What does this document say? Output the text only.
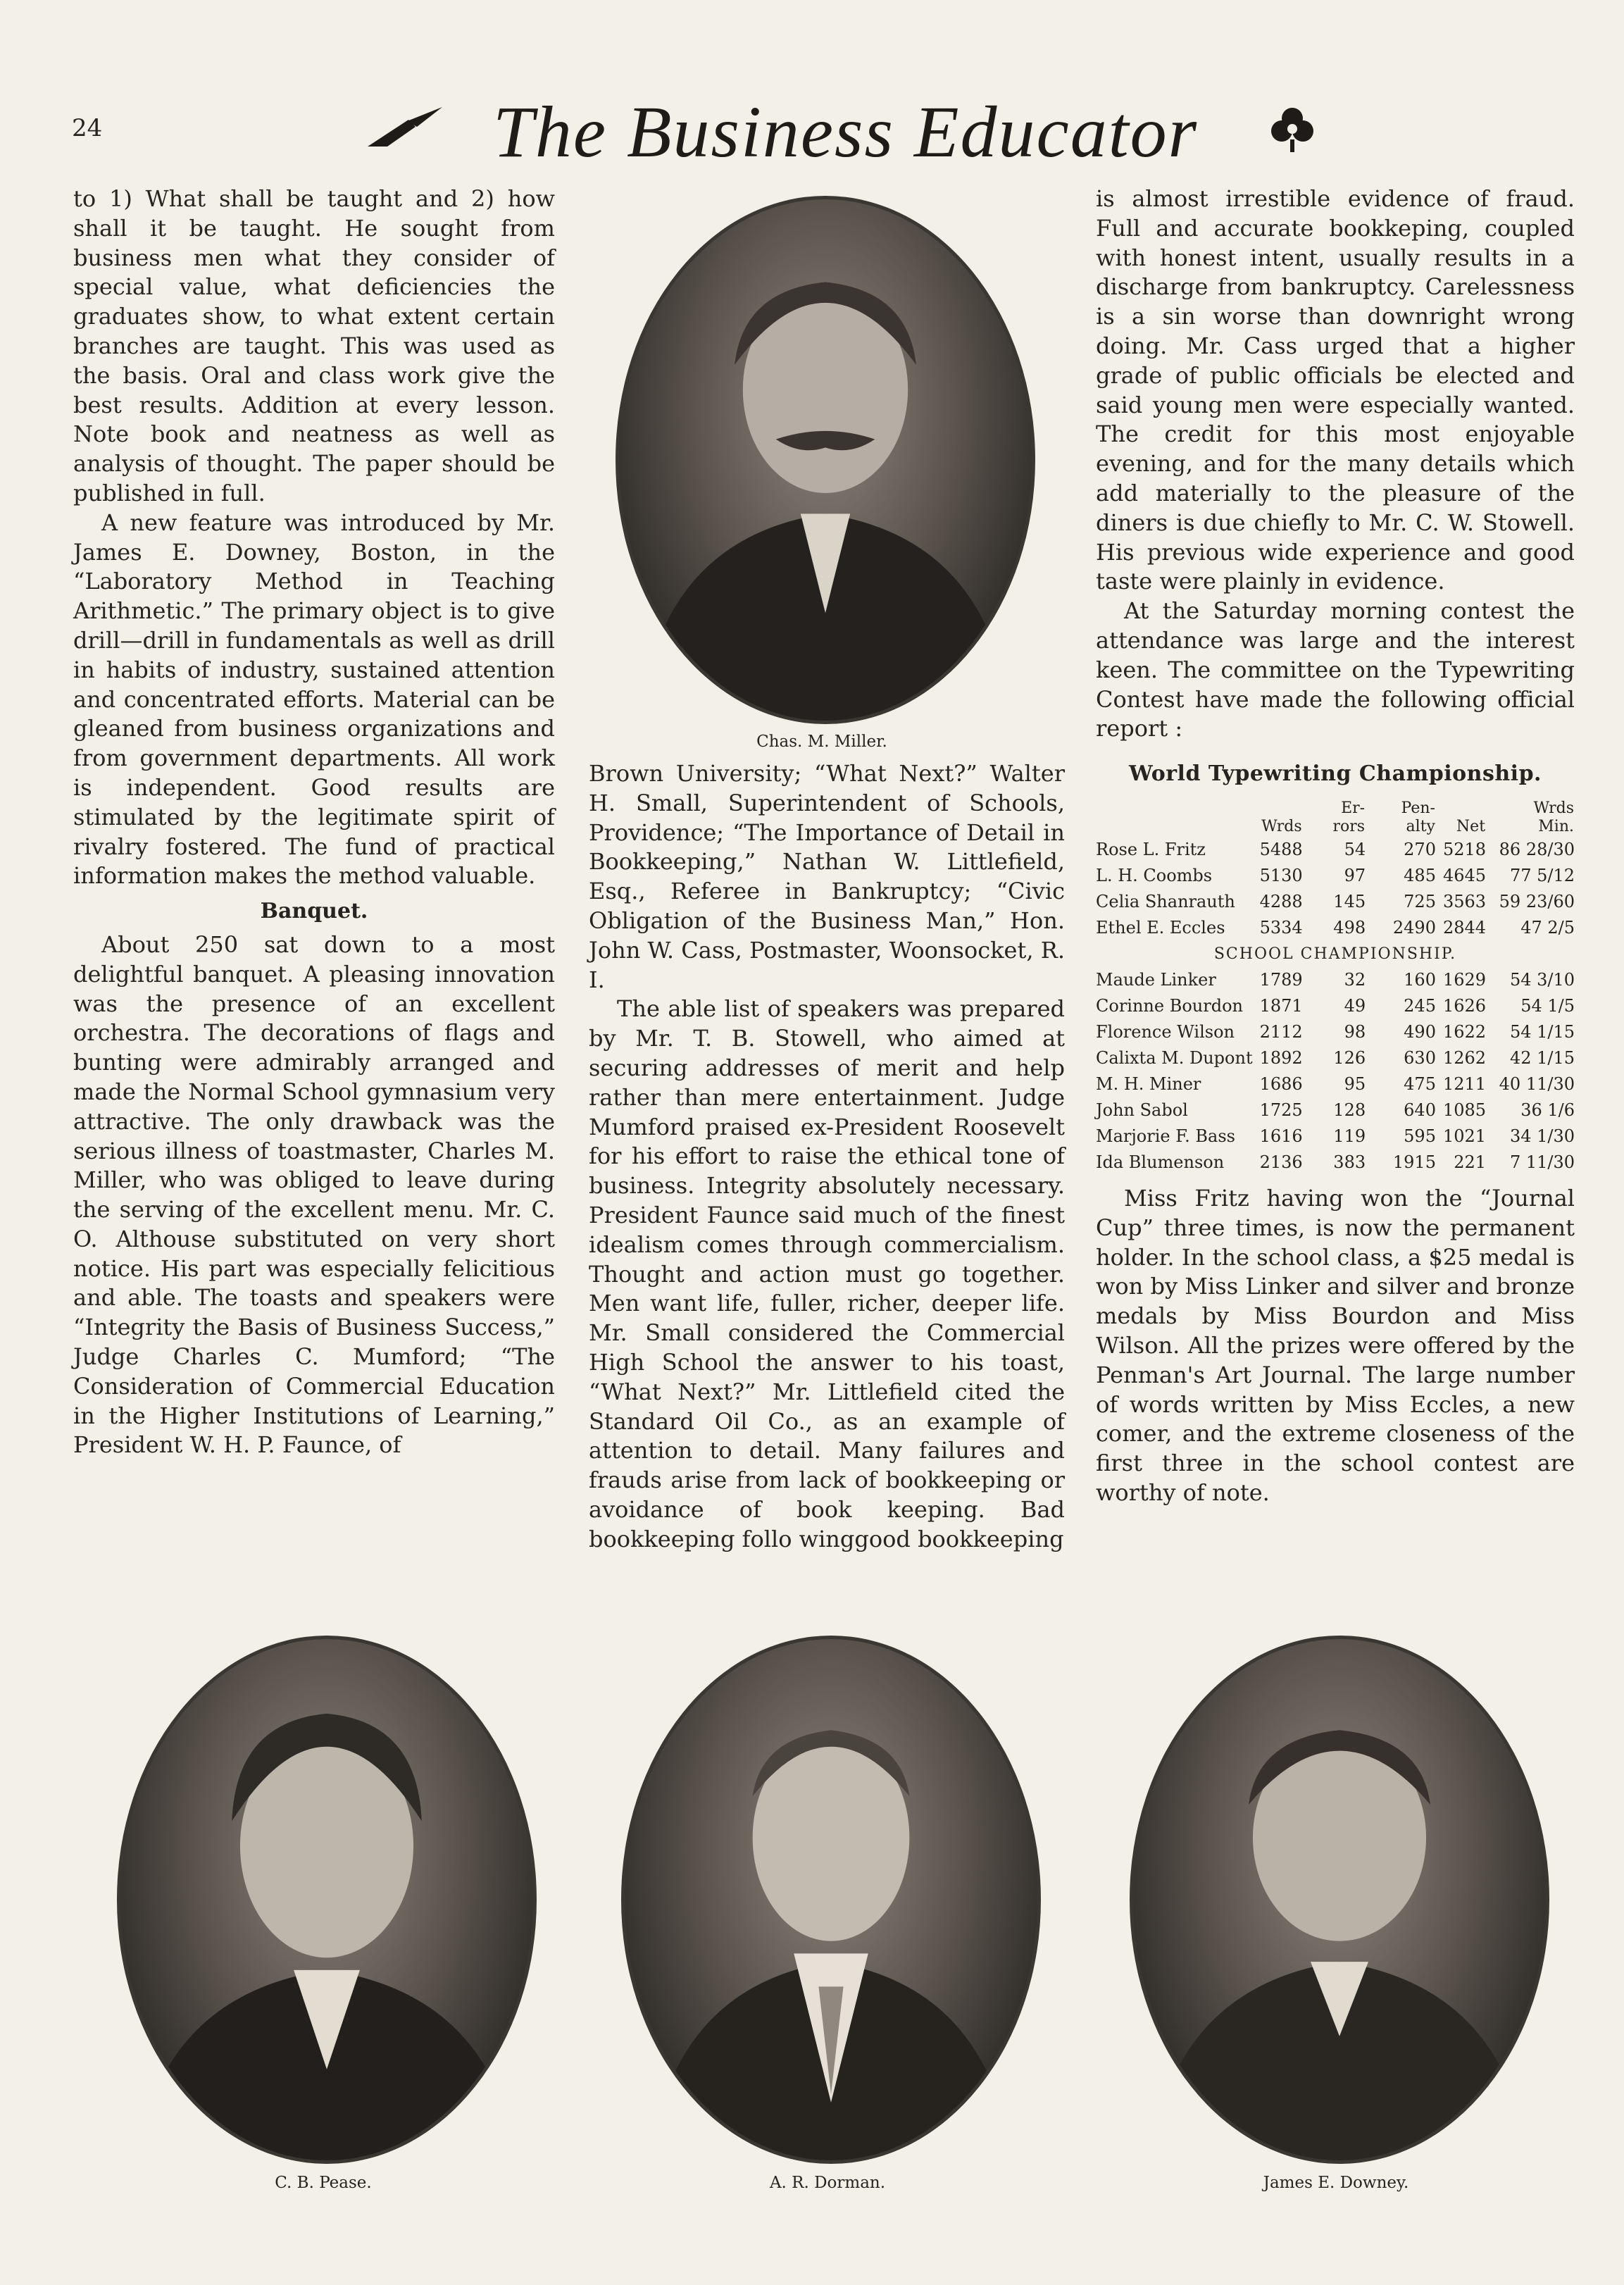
24	The Business Educator

to 1) What shall be taught and 2) how shall it be taught. He sought from business men what they consider of special value, what deficiencies the graduates show, to what extent certain branches are taught. This was used as the basis. Oral and class work give the best results. Addition at every lesson. Note book and neatness as well as analysis of thought. The paper should be published in full.

A new feature was introduced by Mr. James E. Downey, Boston, in the “Laboratory Method in Teaching Arithmetic.” The primary object is to give drill—drill in fundamentals as well as drill in habits of industry, sustained attention and concentrated efforts. Material can be gleaned from business organizations and from government departments. All work is independent. Good results are stimulated by the legitimate spirit of rivalry fostered. The fund of practical information makes the method valuable.

Banquet.

About 250 sat down to a most delightful banquet. A pleasing innovation was the presence of an excellent orchestra. The decorations of flags and bunting were admirably arranged and made the Normal School gymnasium very attractive. The only drawback was the serious illness of toastmaster, Charles M. Miller, who was obliged to leave during the serving of the excellent menu. Mr. C. O. Althouse substituted on very short notice. His part was especially felicitious and able. The toasts and speakers were “Integrity the Basis of Business Success,” Judge Charles C. Mumford; “The Consideration of Commercial Education in the Higher Institutions of Learning,” President W. H. P. Faunce, of

Chas. M. Miller.

Brown University; “What Next?” Walter H. Small, Superintendent of Schools, Providence; “The Importance of Detail in Bookkeeping,” Nathan W. Littlefield, Esq., Referee in Bankruptcy; “Civic Obligation of the Business Man,” Hon. John W. Cass, Postmaster, Woonsocket, R. I.

The able list of speakers was prepared by Mr. T. B. Stowell, who aimed at securing addresses of merit and help rather than mere entertainment. Judge Mumford praised ex-President Roosevelt for his effort to raise the ethical tone of business. Integrity absolutely necessary. President Faunce said much of the finest idealism comes through commercialism. Thought and action must go together. Men want life, fuller, richer, deeper life. Mr. Small considered the Commercial High School the answer to his toast, “What Next?” Mr. Littlefield cited the Standard Oil Co., as an example of attention to detail. Many failures and frauds arise from lack of bookkeeping or avoidance of book keeping. Bad bookkeeping follo winggood bookkeeping

is almost irrestible evidence of fraud. Full and accurate bookkeping, coupled with honest intent, usually results in a discharge from bankruptcy. Carelessness is a sin worse than downright wrong doing. Mr. Cass urged that a higher grade of public officials be elected and said young men were especially wanted. The credit for this most enjoyable evening, and for the many details which add materially to the pleasure of the diners is due chiefly to Mr. C. W. Stowell. His previous wide experience and good taste were plainly in evidence.

At the Saturday morning contest the attendance was large and the interest keen. The committee on the Typewriting Contest have made the following official report :

World Typewriting Championship.
	Wrds	Er-rors	Pen-alty	Net	Wrds Min.
Rose L. Fritz	5488	54	270	5218	86 28/30
L. H. Coombs	5130	97	485	4645	77 5/12
Celia Shanrauth	4288	145	725	3563	59 23/60
Ethel E. Eccles	5334	498	2490	2844	47 2/5
SCHOOL CHAMPIONSHIP.					
Maude Linker	1789	32	160	1629	54 3/10
Corinne Bourdon	1871	49	245	1626	54 1/5
Florence Wilson	2112	98	490	1622	54 1/15
Calixta M. Dupont	1892	126	630	1262	42 1/15
M. H. Miner	1686	95	475	1211	40 11/30
John Sabol	1725	128	640	1085	36 1/6
Marjorie F. Bass	1616	119	595	1021	34 1/30
Ida Blumenson	2136	383	1915	221	7 11/30

Miss Fritz having won the “Journal Cup” three times, is now the permanent holder. In the school class, a $25 medal is won by Miss Linker and silver and bronze medals by Miss Bourdon and Miss Wilson. All the prizes were offered by the Penman's Art Journal. The large number of words written by Miss Eccles, a new comer, and the extreme closeness of the first three in the school contest are worthy of note.

C. B. Pease.	A. R. Dorman.	James E. Downey.
